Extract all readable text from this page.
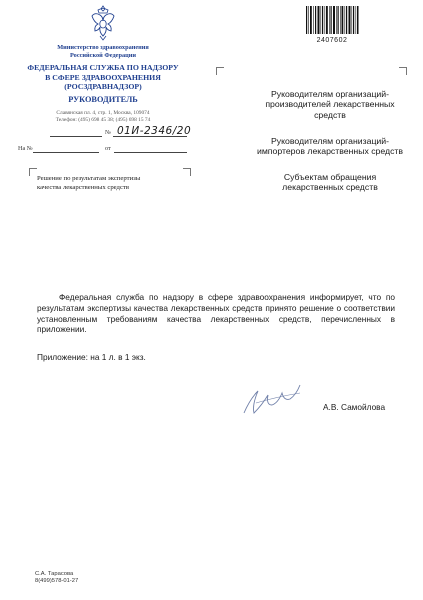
2407602
Министерство здравоохранения
Российской Федерации
ФЕДЕРАЛЬНАЯ СЛУЖБА ПО НАДЗОРУ
В СФЕРЕ ЗДРАВООХРАНЕНИЯ
(РОСЗДРАВНАДЗОР)
РУКОВОДИТЕЛЬ
Славянская пл. 4, стр. 1, Москва, 109074
Телефон: (495) 698 45 38; (495) 698 15 74
№ 01И-2346/20
На №	от
Решение по результатам экспертизы
качества лекарственных средств
Руководителям организаций-
производителей лекарственных
средств
Руководителям организаций-
импортеров лекарственных средств
Субъектам обращения
лекарственных средств
Федеральная служба по надзору в сфере здравоохранения информирует, что по результатам экспертизы качества лекарственных средств принято решение о соответствии установленным требованиям качества лекарственных средств, перечисленных в приложении.
Приложение: на 1 л. в 1 экз.
А.В. Самойлова
С.А. Тарасова
8(499)578-01-27
